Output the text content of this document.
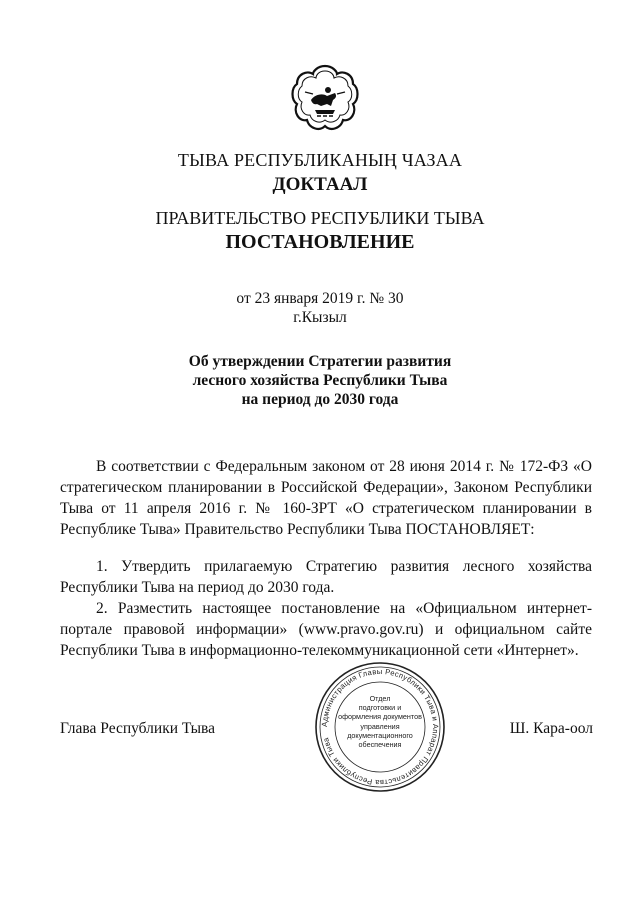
ТЫВА РЕСПУБЛИКАНЫҢ ЧАЗАА
ДОКТААЛ
ПРАВИТЕЛЬСТВО РЕСПУБЛИКИ ТЫВА
ПОСТАНОВЛЕНИЕ
от 23 января 2019 г. № 30
г.Кызыл
Об утверждении Стратегии развития
лесного хозяйства Республики Тыва
на период до 2030 года

В соответствии с Федеральным законом от 28 июня 2014 г. № 172-ФЗ «О стратегическом планировании в Российской Федерации», Законом Республики Тыва от 11 апреля 2016 г. № 160-ЗРТ «О стратегическом планировании в Республике Тыва» Правительство Республики Тыва ПОСТАНОВЛЯЕТ:

1. Утвердить прилагаемую Стратегию развития лесного хозяйства Республики Тыва на период до 2030 года.

2. Разместить настоящее постановление на «Официальном интернет-портале правовой информации» (www.pravo.gov.ru) и официальном сайте Республики Тыва в информационно-телекоммуникационной сети «Интернет».

Администрация Главы Республики Тыва и Аппарат Правительства Республики Тыва
Отдел
подготовки и
оформления документов
управления
документационного
обеспечения
Глава Республики Тыва	Ш. Кара-оол
